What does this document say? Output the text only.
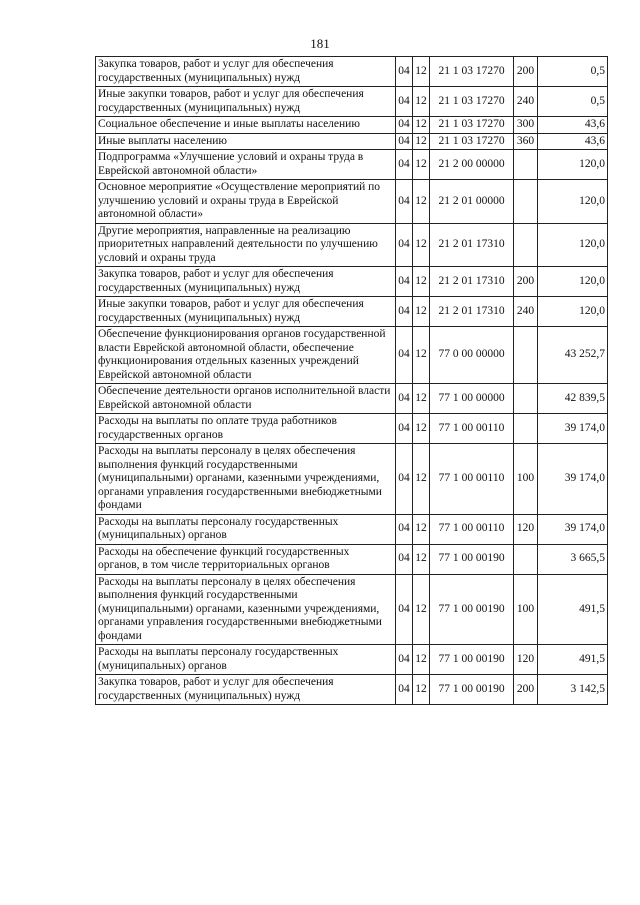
181
Закупка товаров, работ и услуг для обеспечения государственных (муниципальных) нужд	04	12	21 1 03 17270	200	0,5
Иные закупки товаров, работ и услуг для обеспечения государственных (муниципальных) нужд	04	12	21 1 03 17270	240	0,5
Социальное обеспечение и иные выплаты населению	04	12	21 1 03 17270	300	43,6
Иные выплаты населению	04	12	21 1 03 17270	360	43,6
Подпрограмма «Улучшение условий и охраны труда в Еврейской автономной области»	04	12	21 2 00 00000		120,0
Основное мероприятие «Осуществление мероприятий по улучшению условий и охраны труда в Еврейской автономной области»	04	12	21 2 01 00000		120,0
Другие мероприятия, направленные на реализацию приоритетных направлений деятельности по улучшению условий и охраны труда	04	12	21 2 01 17310		120,0
Закупка товаров, работ и услуг для обеспечения государственных (муниципальных) нужд	04	12	21 2 01 17310	200	120,0
Иные закупки товаров, работ и услуг для обеспечения государственных (муниципальных) нужд	04	12	21 2 01 17310	240	120,0
Обеспечение функционирования органов государственной власти Еврейской автономной области, обеспечение функционирования отдельных казенных учреждений Еврейской автономной области	04	12	77 0 00 00000		43 252,7
Обеспечение деятельности органов исполнительной власти Еврейской автономной области	04	12	77 1 00 00000		42 839,5
Расходы на выплаты по оплате труда работников государственных органов	04	12	77 1 00 00110		39 174,0
Расходы на выплаты персоналу в целях обеспечения выполнения функций государственными (муниципальными) органами, казенными учреждениями, органами управления государственными внебюджетными фондами	04	12	77 1 00 00110	100	39 174,0
Расходы на выплаты персоналу государственных (муниципальных) органов	04	12	77 1 00 00110	120	39 174,0
Расходы на обеспечение функций государственных органов, в том числе территориальных органов	04	12	77 1 00 00190		3 665,5
Расходы на выплаты персоналу в целях обеспечения выполнения функций государственными (муниципальными) органами, казенными учреждениями, органами управления государственными внебюджетными фондами	04	12	77 1 00 00190	100	491,5
Расходы на выплаты персоналу государственных (муниципальных) органов	04	12	77 1 00 00190	120	491,5
Закупка товаров, работ и услуг для обеспечения государственных (муниципальных) нужд	04	12	77 1 00 00190	200	3 142,5
